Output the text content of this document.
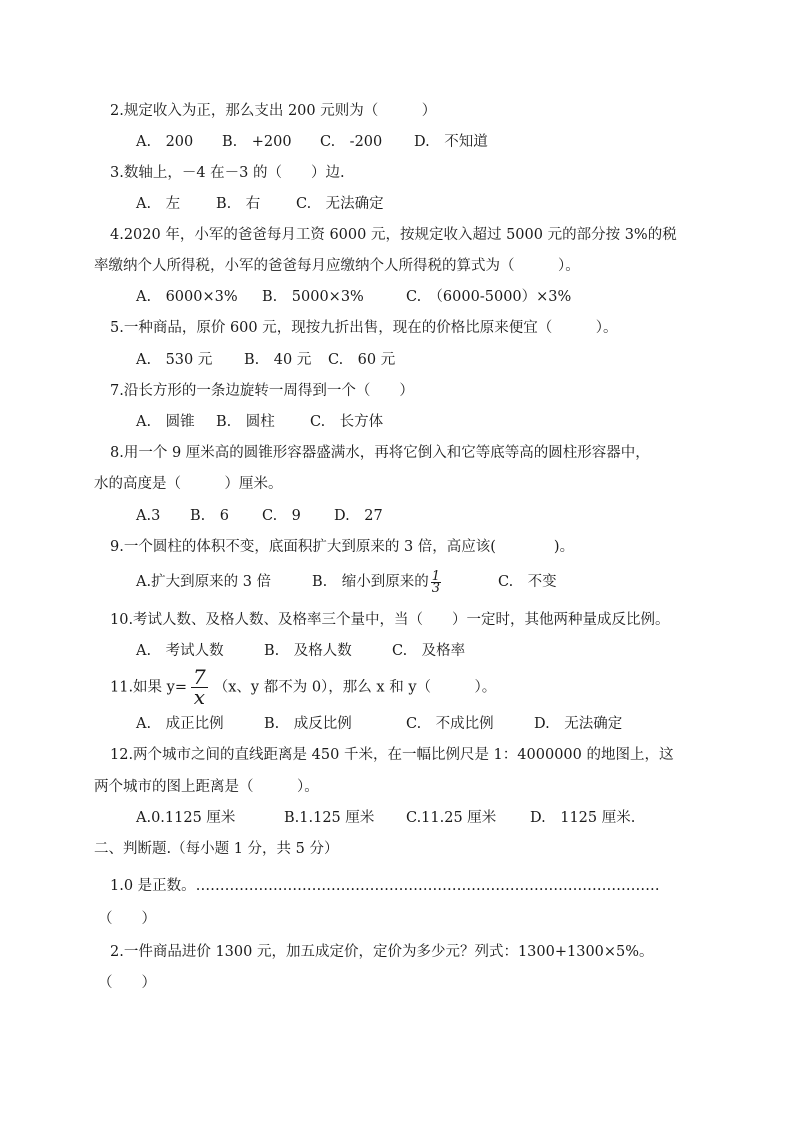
2.规定收入为正，那么支出 200 元则为（　　　）
A.　200 B.　+200 C.　-200 D.　不知道
3.数轴上，－4 在－3 的（　　）边.
A.　左 B.　右 C.　无法确定
4.2020 年，小军的爸爸每月工资 6000 元，按规定收入超过 5000 元的部分按 3%的税
率缴纳个人所得税，小军的爸爸每月应缴纳个人所得税的算式为（　　　）。
A.　6000×3% B.　5000×3%	C.　（6000-5000）×3%
5.一种商品，原价 600 元，现按九折出售，现在的价格比原来便宜（　　　）。
A.　530 元 B.　40 元 C.　60 元
7.沿长方形的一条边旋转一周得到一个（　　）
A.　圆锥 B.　圆柱 C.　长方体
8.用一个 9 厘米高的圆锥形容器盛满水，再将它倒入和它等底等高的圆柱形容器中，
水的高度是（　　　）厘米。
A.3 B.　6 C.　9 D.　27
9.一个圆柱的体积不变，底面积扩大到原来的 3 倍，高应该(　　　　)。
A.扩大到原来的 3 倍	B.　缩小到原来的 $\frac{1}{3}$	C.　不变
10.考试人数、及格人数、及格率三个量中，当（　　）一定时，其他两种量成反比例。
A.　考试人数	B.　及格人数	C.　及格率
11.如果 $y= \frac{7}{x} (x$、y 都不为 0），那么 x 和 y（　　　）。
A.　成正比例	B.　成反比例	C.　不成比例	D.　无法确定
12.两个城市之间的直线距离是 450 千米，在一幅比例尺是 1：4000000 的地图上，这
两个城市的图上距离是（　　　）。
A.0.1125 厘米	B.1.125 厘米 C.11.25 厘米 D.　1125 厘米.
二、判断题.（每小题 1 分，共 5 分）
1.0 是正数。……………………………………………………………………………………
（　　）
2.一件商品进价 1300 元，加五成定价，定价为多少元？列式：1300+1300×5%。
（　　）
